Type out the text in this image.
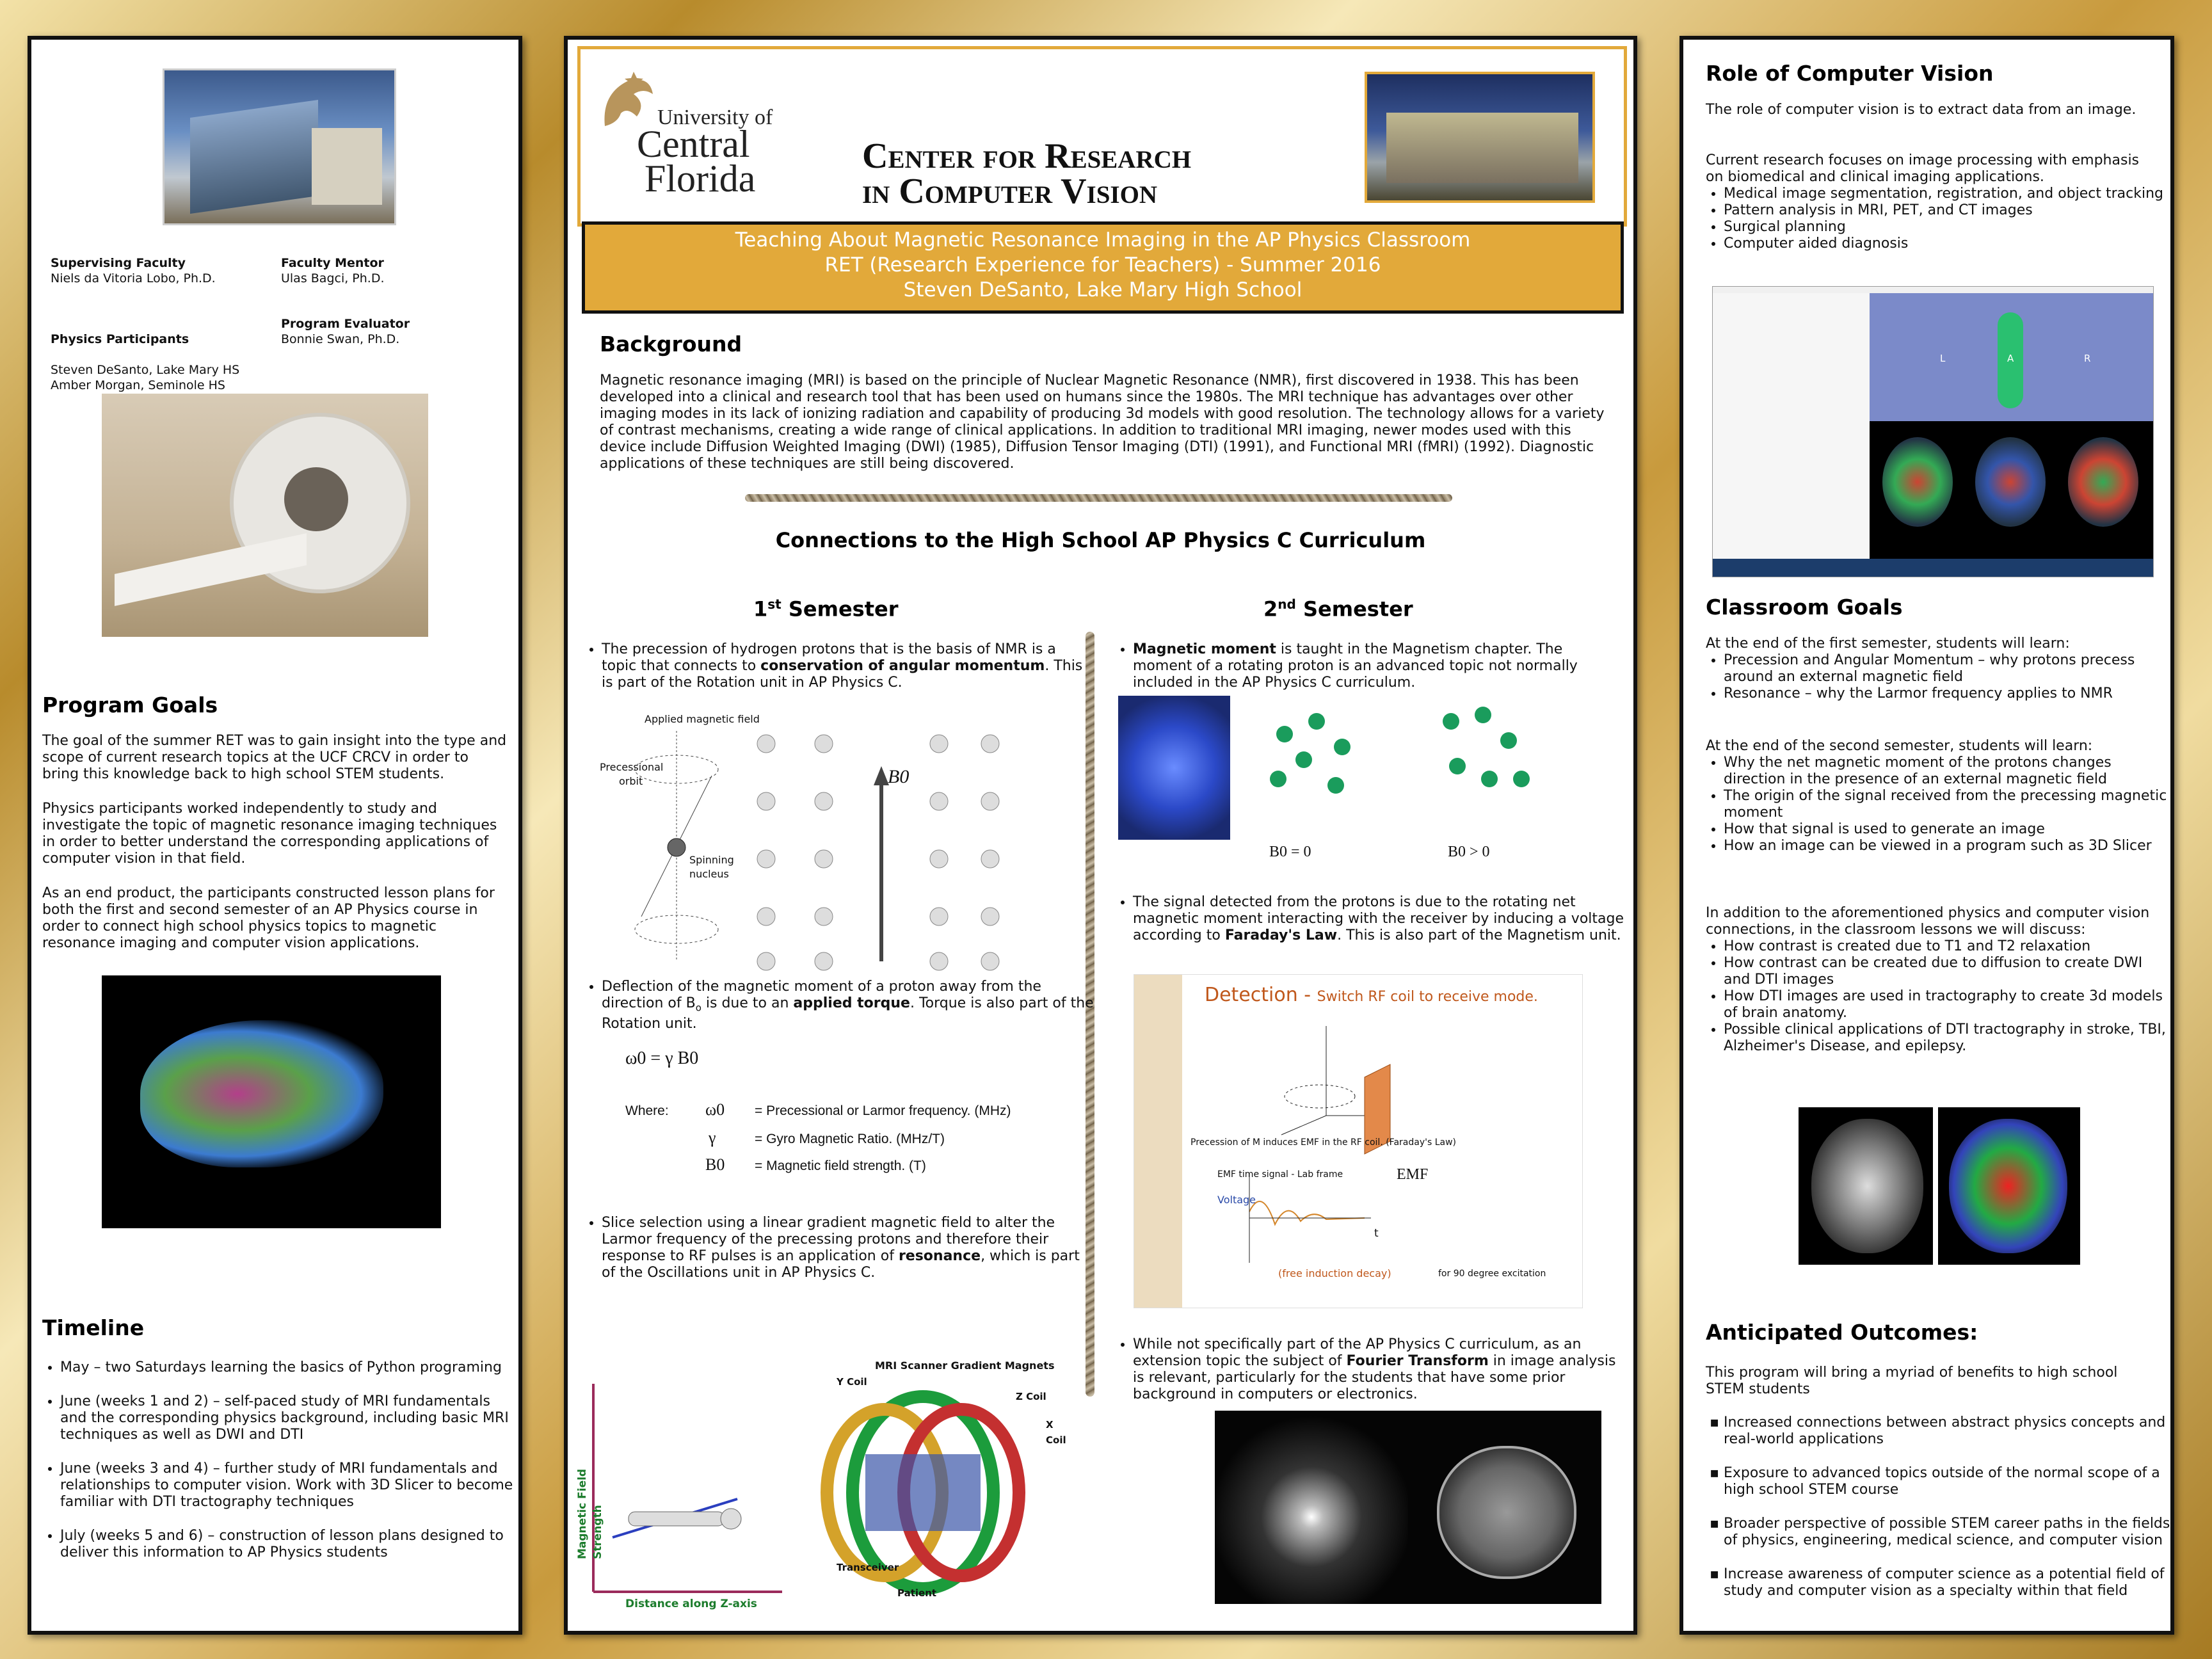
Supervising Faculty
Niels da Vitoria Lobo, Ph.D.
Faculty Mentor
Ulas Bagci, Ph.D.

Physics Participants

Steven DeSanto, Lake Mary HS
Amber Morgan, Seminole HS

Program Evaluator
Bonnie Swan, Ph.D.
Program Goals
The goal of the summer RET was to gain insight into the type and scope of current research topics at the UCF CRCV in order to bring this knowledge back to high school STEM students.
Physics participants worked independently to study and investigate the topic of magnetic resonance imaging techniques in order to better understand the corresponding applications of computer vision in that field.
As an end product, the participants constructed lesson plans for both the first and second semester of an AP Physics course in order to connect high school physics topics to magnetic resonance imaging and computer vision applications.
Timeline
• May – two Saturdays learning the basics of Python programing
• June (weeks 1 and 2) – self-paced study of MRI fundamentals and the corresponding physics background, including basic MRI techniques as well as DWI and DTI
• June (weeks 3 and 4) – further study of MRI fundamentals and relationships to computer vision. Work with 3D Slicer to become familiar with DTI tractography techniques
• July (weeks 5 and 6) – construction of lesson plans designed to deliver this information to AP Physics students
University of
Central
Florida
Center for Research
in Computer Vision
Teaching About Magnetic Resonance Imaging in the AP Physics Classroom
RET (Research Experience for Teachers) - Summer 2016
Steven DeSanto, Lake Mary High School
Background
Magnetic resonance imaging (MRI) is based on the principle of Nuclear Magnetic Resonance (NMR), first discovered in 1938. This has been developed into a clinical and research tool that has been used on humans since the 1980s. The MRI technique has advantages over other imaging modes in its lack of ionizing radiation and capability of producing 3d models with good resolution. The technology allows for a variety of contrast mechanisms, creating a wide range of clinical applications. In addition to traditional MRI imaging, newer modes used with this device include Diffusion Weighted Imaging (DWI) (1985), Diffusion Tensor Imaging (DTI) (1991), and Functional MRI (fMRI) (1992). Diagnostic applications of these techniques are still being discovered.
Connections to the High School AP Physics C Curriculum
1st Semester	2nd Semester
• The precession of hydrogen protons that is the basis of NMR is a topic that connects to conservation of angular momentum. This is part of the Rotation unit in AP Physics C.
Applied magnetic field
Precessional
orbit
Spinning
nucleus
B0
• Deflection of the magnetic moment of a proton away from the direction of $B_o$ is due to an applied torque. Torque is also part of the Rotation unit.
ω0 = γ B0
Where: ω0 = Precessional or Larmor frequency. (MHz)
γ	= Gyro Magnetic Ratio. (MHz/T)
B0 = Magnetic field strength. (T)
• Slice selection using a linear gradient magnetic field to alter the Larmor frequency of the precessing protons and therefore their response to RF pulses is an application of resonance, which is part of the Oscillations unit in AP Physics C.
Magnetic Field Strength
Distance along Z-axis
MRI Scanner Gradient Magnets
Y Coil
Z Coil
X Coil
Transceiver
Patient
• Magnetic moment is taught in the Magnetism chapter. The moment of a rotating proton is an advanced topic not normally included in the AP Physics C curriculum.
B0 = 0	B0 > 0
• The signal detected from the protons is due to the rotating net magnetic moment interacting with the receiver by inducing a voltage according to Faraday's Law. This is also part of the Magnetism unit.
Detection - Switch RF coil to receive mode.
Precession of M induces EMF in the RF coil. (Faraday's Law)
EMF time signal - Lab frame
Voltage
t
(free induction decay)
EMF
for 90 degree excitation
• While not specifically part of the AP Physics C curriculum, as an extension topic the subject of Fourier Transform in image analysis is relevant, particularly for the students that have some prior background in computers or electronics.
Role of Computer Vision
The role of computer vision is to extract data from an image.
Current research focuses on image processing with emphasis on biomedical and clinical imaging applications.
• Medical image segmentation, registration, and object tracking
• Pattern analysis in MRI, PET, and CT images
• Surgical planning
• Computer aided diagnosis
L	A	R
Classroom Goals
At the end of the first semester, students will learn:
• Precession and Angular Momentum – why protons precess around an external magnetic field
• Resonance – why the Larmor frequency applies to NMR
At the end of the second semester, students will learn:
• Why the net magnetic moment of the protons changes direction in the presence of an external magnetic field
• The origin of the signal received from the precessing magnetic moment
• How that signal is used to generate an image
• How an image can be viewed in a program such as 3D Slicer
In addition to the aforementioned physics and computer vision connections, in the classroom lessons we will discuss:
• How contrast is created due to T1 and T2 relaxation
• How contrast can be created due to diffusion to create DWI and DTI images
• How DTI images are used in tractography to create 3d models of brain anatomy.
• Possible clinical applications of DTI tractography in stroke, TBI, Alzheimer's Disease, and epilepsy.
Anticipated Outcomes:
This program will bring a myriad of benefits to high school STEM students
▪ Increased connections between abstract physics concepts and real-world applications
▪ Exposure to advanced topics outside of the normal scope of a high school STEM course
▪ Broader perspective of possible STEM career paths in the fields of physics, engineering, medical science, and computer vision
▪ Increase awareness of computer science as a potential field of study and computer vision as a specialty within that field
